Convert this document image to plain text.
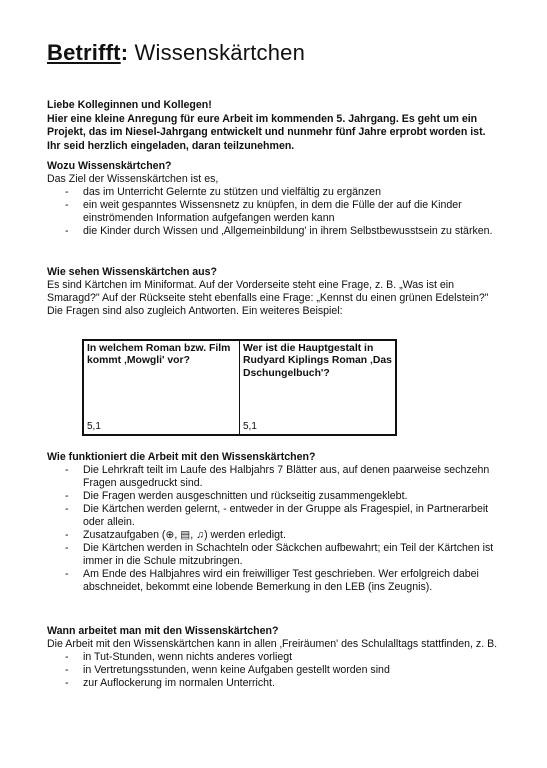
Betrifft: Wissenskärtchen
Liebe Kolleginnen und Kollegen!
Hier eine kleine Anregung für eure Arbeit im kommenden 5. Jahrgang. Es geht um ein Projekt, das im Niesel-Jahrgang entwickelt und nunmehr fünf Jahre erprobt worden ist. Ihr seid herzlich eingeladen, daran teilzunehmen.

Wozu Wissenskärtchen?

Das Ziel der Wissenskärtchen ist es,

- das im Unterricht Gelernte zu stützen und vielfältig zu ergänzen
- ein weit gespanntes Wissensnetz zu knüpfen, in dem die Fülle der auf die Kinder einströmenden Information aufgefangen werden kann
- die Kinder durch Wissen und ‚Allgemeinbildung' in ihrem Selbstbewusstsein zu stärken.

Wie sehen Wissenskärtchen aus?

Es sind Kärtchen im Miniformat. Auf der Vorderseite steht eine Frage, z. B. „Was ist ein Smaragd?" Auf der Rückseite steht ebenfalls eine Frage: „Kennst du einen grünen Edelstein?"

Die Fragen sind also zugleich Antworten. Ein weiteres Beispiel:

In welchem Roman bzw. Film kommt ‚Mowgli' vor?
5,1
Wer ist die Hauptgestalt in Rudyard Kiplings Roman ‚Das Dschungelbuch'?
5,1

Wie funktioniert die Arbeit mit den Wissenskärtchen?

- Die Lehrkraft teilt im Laufe des Halbjahrs 7 Blätter aus, auf denen paarweise sechzehn Fragen ausgedruckt sind.
- Die Fragen werden ausgeschnitten und rückseitig zusammengeklebt.
- Die Kärtchen werden gelernt, - entweder in der Gruppe als Fragespiel, in Partnerarbeit oder allein.
- Zusatzaufgaben (⊕, ▤, ♫) werden erledigt.
- Die Kärtchen werden in Schachteln oder Säckchen aufbewahrt; ein Teil der Kärtchen ist immer in die Schule mitzubringen.
- Am Ende des Halbjahres wird ein freiwilliger Test geschrieben. Wer erfolgreich dabei abschneidet, bekommt eine lobende Bemerkung in den LEB (ins Zeugnis).

Wann arbeitet man mit den Wissenskärtchen?

Die Arbeit mit den Wissenskärtchen kann in allen ‚Freiräumen' des Schulalltags stattfinden, z. B.

- in Tut-Stunden, wenn nichts anderes vorliegt
- in Vertretungsstunden, wenn keine Aufgaben gestellt worden sind
- zur Auflockerung im normalen Unterricht.
